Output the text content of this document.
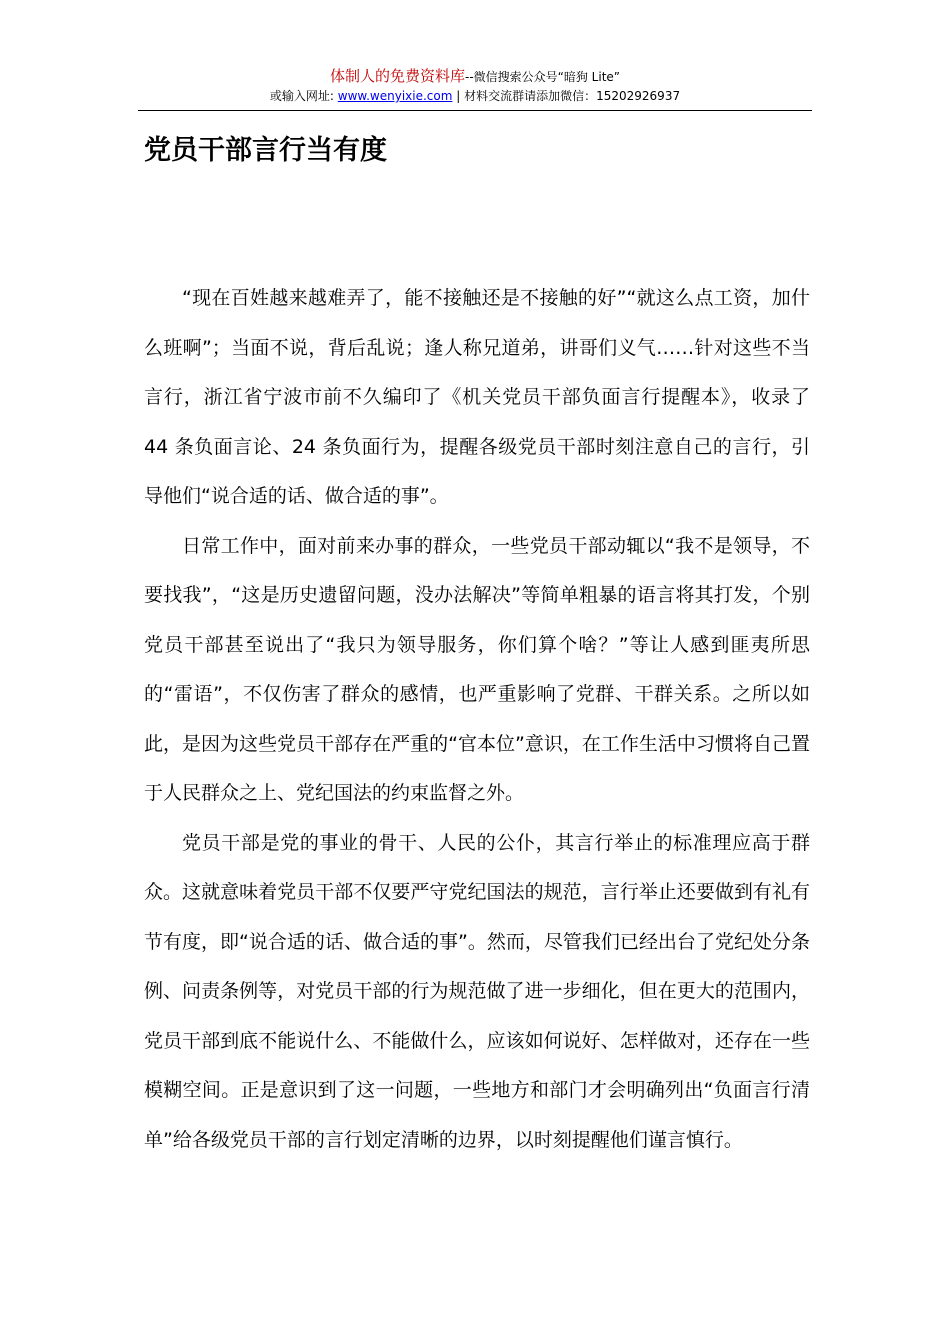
体制人的免费资料库--微信搜索公众号“暗狗 Lite”
或输入网址: www.wenyixie.com | 材料交流群请添加微信：15202926937
党员干部言行当有度

“现在百姓越来越难弄了，能不接触还是不接触的好”“就这么点工资，加什么班啊”；当面不说，背后乱说；逢人称兄道弟，讲哥们义气……针对这些不当言行，浙江省宁波市前不久编印了《机关党员干部负面言行提醒本》，收录了 44 条负面言论、24 条负面行为，提醒各级党员干部时刻注意自己的言行，引导他们“说合适的话、做合适的事”。

日常工作中，面对前来办事的群众，一些党员干部动辄以“我不是领导，不要找我”，“这是历史遗留问题，没办法解决”等简单粗暴的语言将其打发，个别党员干部甚至说出了“我只为领导服务，你们算个啥？”等让人感到匪夷所思的“雷语”，不仅伤害了群众的感情，也严重影响了党群、干群关系。之所以如此，是因为这些党员干部存在严重的“官本位”意识，在工作生活中习惯将自己置于人民群众之上、党纪国法的约束监督之外。

党员干部是党的事业的骨干、人民的公仆，其言行举止的标准理应高于群众。这就意味着党员干部不仅要严守党纪国法的规范，言行举止还要做到有礼有节有度，即“说合适的话、做合适的事”。然而，尽管我们已经出台了党纪处分条例、问责条例等，对党员干部的行为规范做了进一步细化，但在更大的范围内，党员干部到底不能说什么、不能做什么，应该如何说好、怎样做对，还存在一些模糊空间。正是意识到了这一问题，一些地方和部门才会明确列出“负面言行清单”给各级党员干部的言行划定清晰的边界，以时刻提醒他们谨言慎行。
